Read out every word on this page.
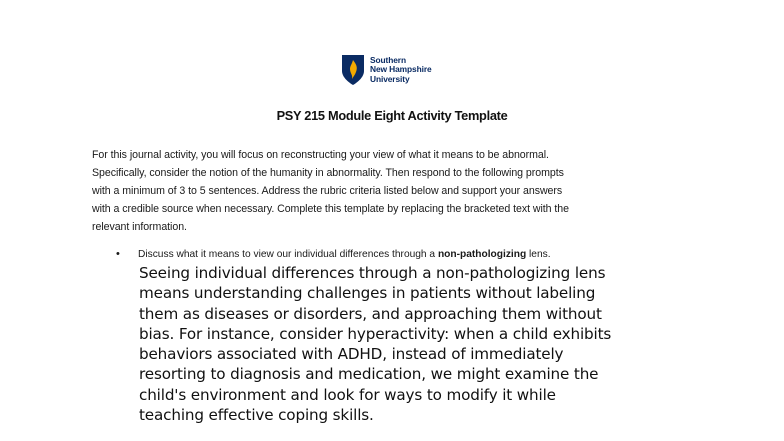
Southern
New Hampshire
University
PSY 215 Module Eight Activity Template
For this journal activity, you will focus on reconstructing your view of what it means to be abnormal.
Specifically, consider the notion of the humanity in abnormality. Then respond to the following prompts
with a minimum of 3 to 5 sentences. Address the rubric criteria listed below and support your answers
with a credible source when necessary. Complete this template by replacing the bracketed text with the
relevant information.
• Discuss what it means to view our individual differences through a non-pathologizing lens.
Seeing individual differences through a non-pathologizing lens
means understanding challenges in patients without labeling
them as diseases or disorders, and approaching them without
bias. For instance, consider hyperactivity: when a child exhibits
behaviors associated with ADHD, instead of immediately
resorting to diagnosis and medication, we might examine the
child's environment and look for ways to modify it while
teaching effective coping skills.
